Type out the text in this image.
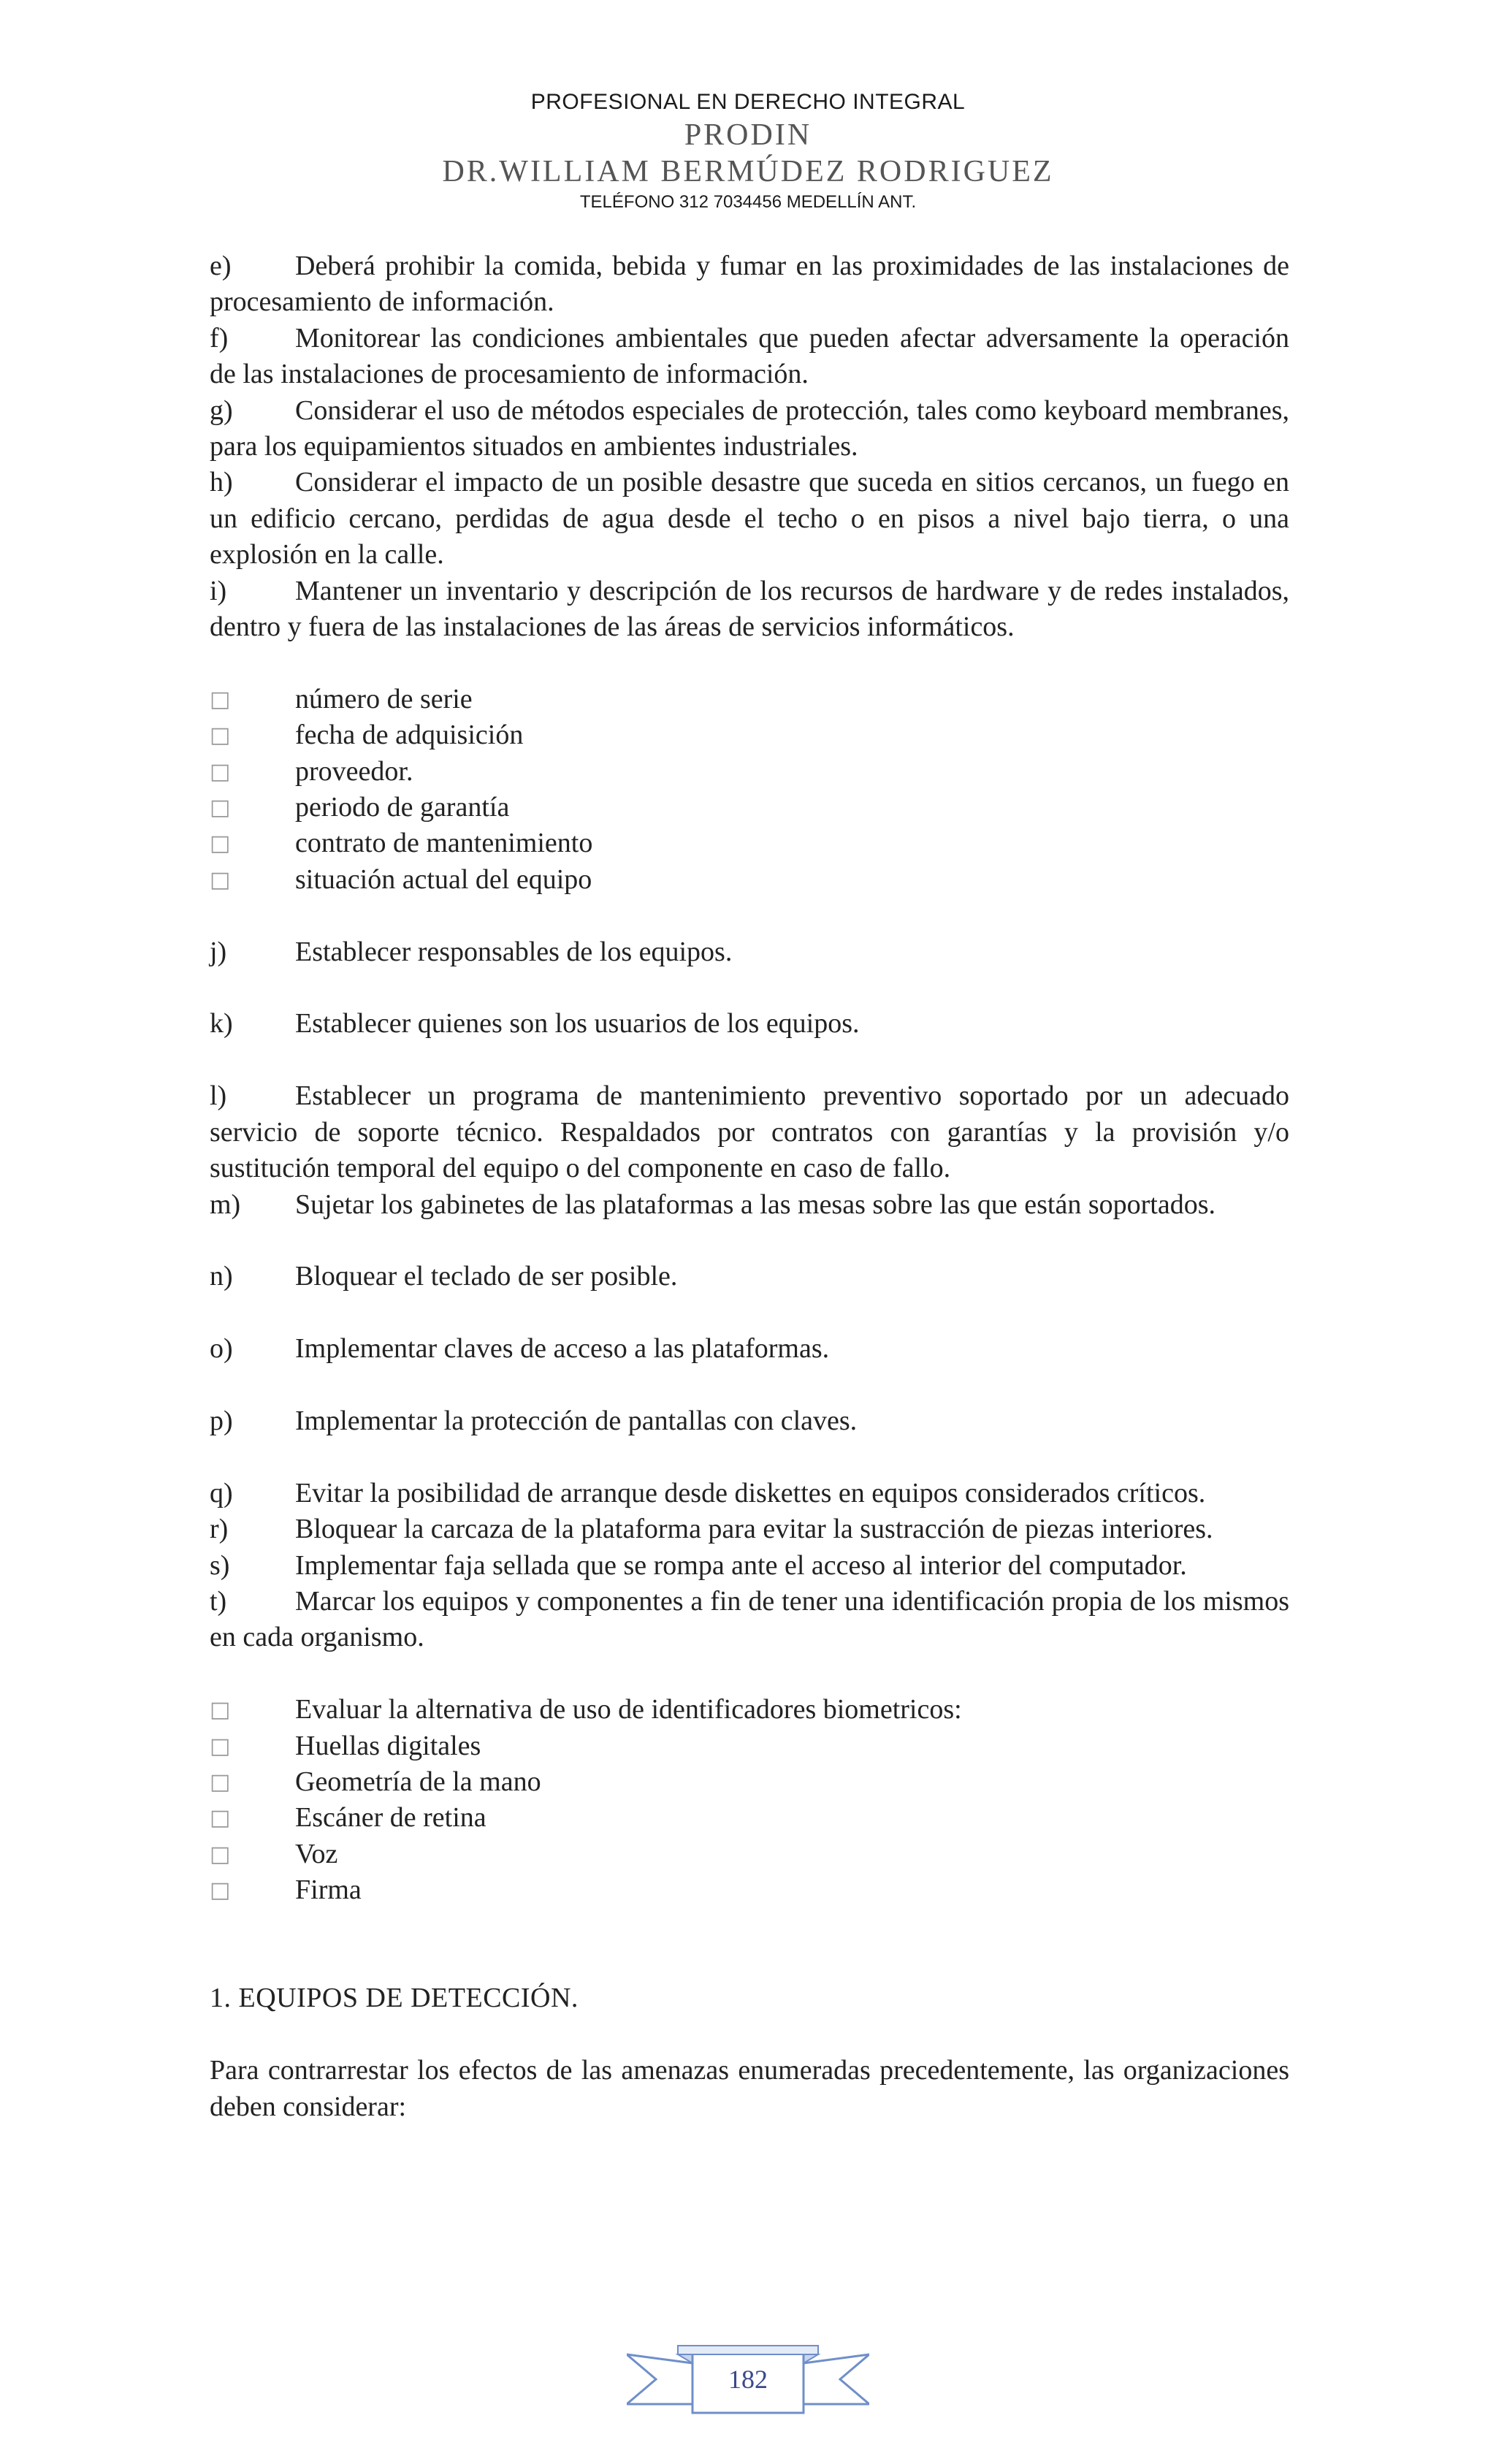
PROFESIONAL EN DERECHO INTEGRAL
PRODIN
DR.WILLIAM BERMÚDEZ RODRIGUEZ
TELÉFONO 312 7034456 MEDELLÍN ANT.

e) Deberá prohibir la comida, bebida y fumar en las proximidades de las instalaciones de procesamiento de información.

f) Monitorear las condiciones ambientales que pueden afectar adversamente la operación de las instalaciones de procesamiento de información.

g) Considerar el uso de métodos especiales de protección, tales como keyboard membranes, para los equipamientos situados en ambientes industriales.

h) Considerar el impacto de un posible desastre que suceda en sitios cercanos, un fuego en un edificio cercano, perdidas de agua desde el techo o en pisos a nivel bajo tierra, o una explosión en la calle.

i) Mantener un inventario y descripción de los recursos de hardware y de redes instalados, dentro y fuera de las instalaciones de las áreas de servicios informáticos.

□ número de serie

□ fecha de adquisición

□ proveedor.

□ periodo de garantía

□ contrato de mantenimiento

□ situación actual del equipo

j) Establecer responsables de los equipos.

k) Establecer quienes son los usuarios de los equipos.

l) Establecer un programa de mantenimiento preventivo soportado por un adecuado servicio de soporte técnico. Respaldados por contratos con garantías y la provisión y/o sustitución temporal del equipo o del componente en caso de fallo.

m) Sujetar los gabinetes de las plataformas a las mesas sobre las que están soportados.

n) Bloquear el teclado de ser posible.

o) Implementar claves de acceso a las plataformas.

p) Implementar la protección de pantallas con claves.

q) Evitar la posibilidad de arranque desde diskettes en equipos considerados críticos.

r) Bloquear la carcaza de la plataforma para evitar la sustracción de piezas interiores.

s) Implementar faja sellada que se rompa ante el acceso al interior del computador.

t) Marcar los equipos y componentes a fin de tener una identificación propia de los mismos en cada organismo.

□ Evaluar la alternativa de uso de identificadores biometricos:

□ Huellas digitales

□ Geometría de la mano

□ Escáner de retina

□ Voz

□ Firma

1. EQUIPOS DE DETECCIÓN.

Para contrarrestar los efectos de las amenazas enumeradas precedentemente, las organizaciones deben considerar:

182
